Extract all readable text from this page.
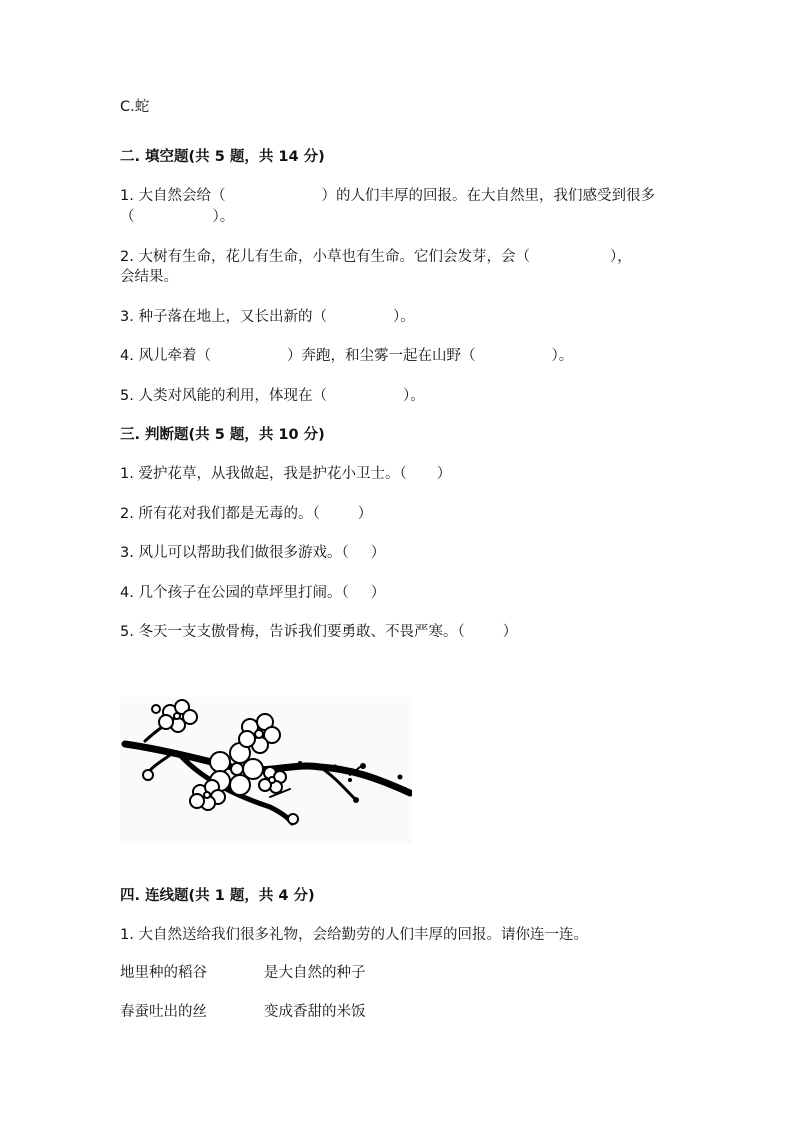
C.蛇
二. 填空题(共 5 题，共 14 分)
1. 大自然会给（	）的人们丰厚的回报。在大自然里，我们感受到很多
（	）。
2. 大树有生命，花儿有生命，小草也有生命。它们会发芽，会（	），
会结果。
3. 种子落在地上，又长出新的（	）。
4. 风儿牵着（	）奔跑，和尘雾一起在山野（	）。
5. 人类对风能的利用，体现在（	）。
三. 判断题(共 5 题，共 10 分)
1. 爱护花草，从我做起，我是护花小卫士。（ ）
2. 所有花对我们都是无毒的。（	）
3. 风儿可以帮助我们做很多游戏。（ ）
4. 几个孩子在公园的草坪里打闹。（ ）
5. 冬天一支支傲骨梅，告诉我们要勇敢、不畏严寒。（	）
四. 连线题(共 1 题，共 4 分)
1. 大自然送给我们很多礼物，会给勤劳的人们丰厚的回报。请你连一连。
地里种的稻谷	是大自然的种子
春蚕吐出的丝	变成香甜的米饭
